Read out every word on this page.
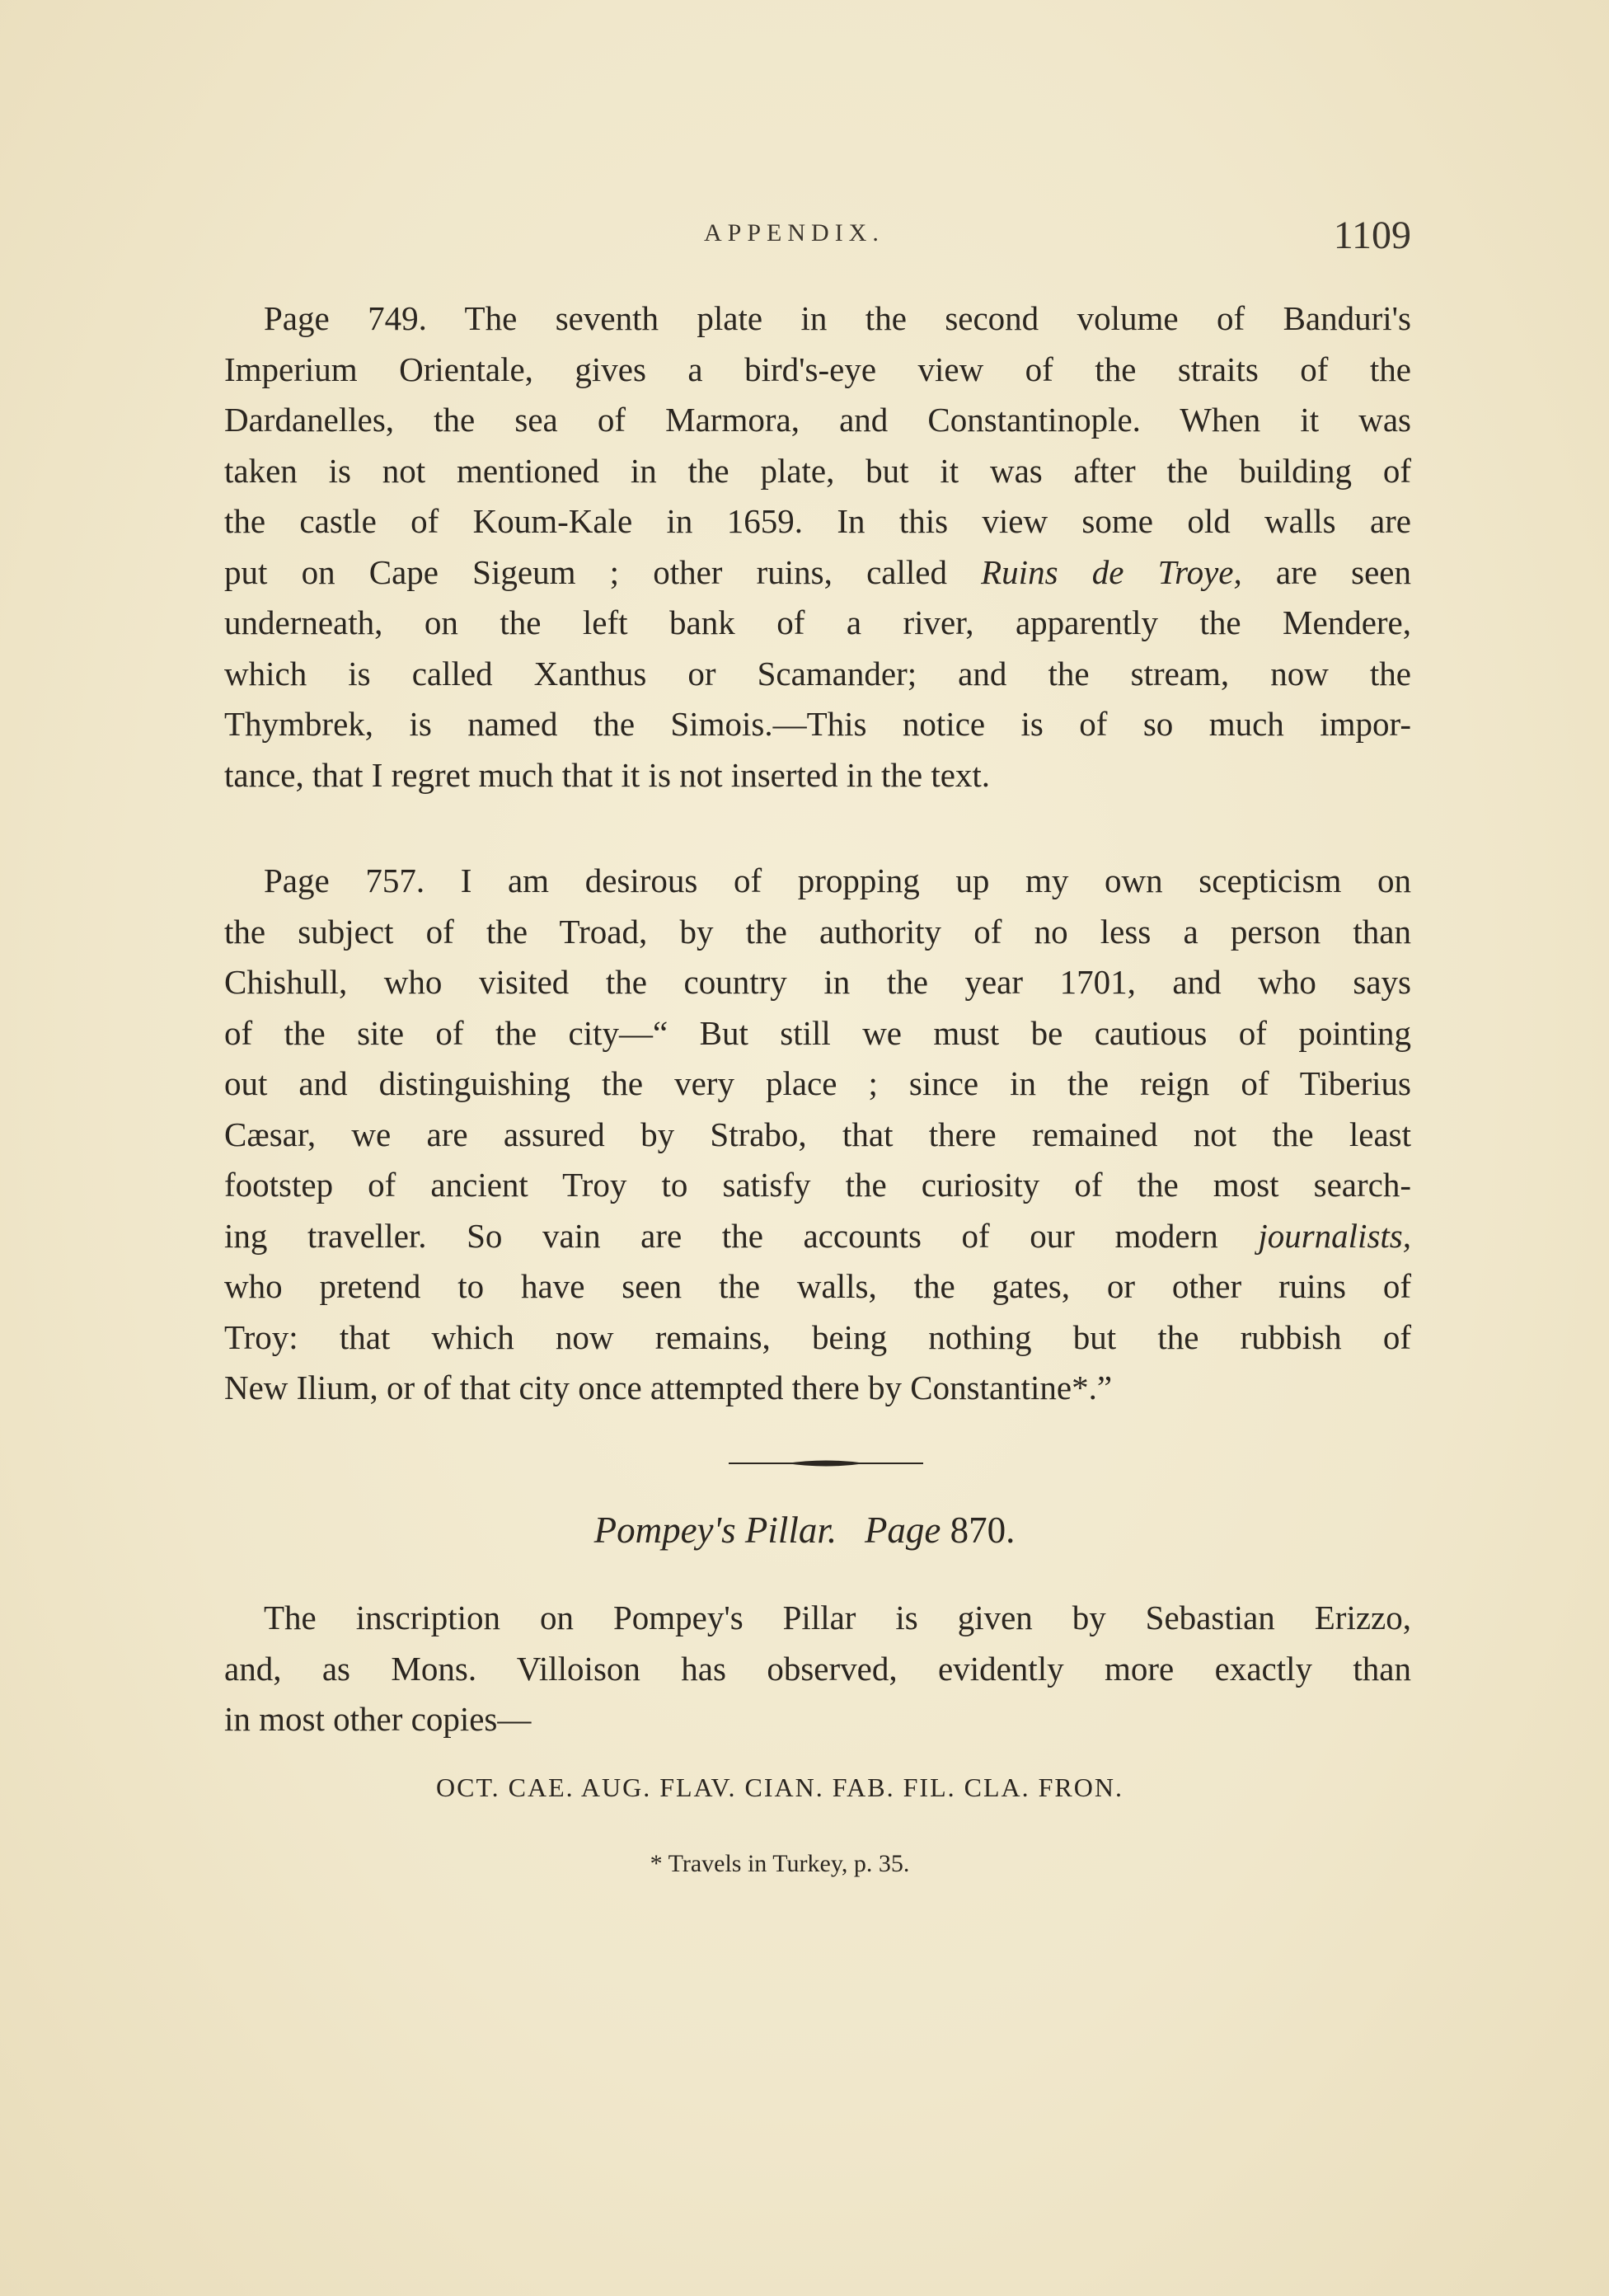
APPENDIX.	1109

Page 749. The seventh plate in the second volume of Banduri's
Imperium Orientale, gives a bird's-eye view of the straits of the
Dardanelles, the sea of Marmora, and Constantinople. When it was
taken is not mentioned in the plate, but it was after the building of
the castle of Koum-Kale in 1659. In this view some old walls are
put on Cape Sigeum ; other ruins, called Ruins de Troye, are seen
underneath, on the left bank of a river, apparently the Mendere,
which is called Xanthus or Scamander; and the stream, now the
Thymbrek, is named the Simois.—This notice is of so much impor-
tance, that I regret much that it is not inserted in the text.

Page 757. I am desirous of propping up my own scepticism on
the subject of the Troad, by the authority of no less a person than
Chishull, who visited the country in the year 1701, and who says
of the site of the city—“ But still we must be cautious of pointing
out and distinguishing the very place ; since in the reign of Tiberius
Cæsar, we are assured by Strabo, that there remained not the least
footstep of ancient Troy to satisfy the curiosity of the most search-
ing traveller. So vain are the accounts of our modern journalists,
who pretend to have seen the walls, the gates, or other ruins of
Troy: that which now remains, being nothing but the rubbish of
New Ilium, or of that city once attempted there by Constantine*.”

Pompey's Pillar. Page 870.

The inscription on Pompey's Pillar is given by Sebastian Erizzo,
and, as Mons. Villoison has observed, evidently more exactly than
in most other copies—

OCT. CAE. AUG. FLAV. CIAN. FAB. FIL. CLA. FRON.
* Travels in Turkey, p. 35.
